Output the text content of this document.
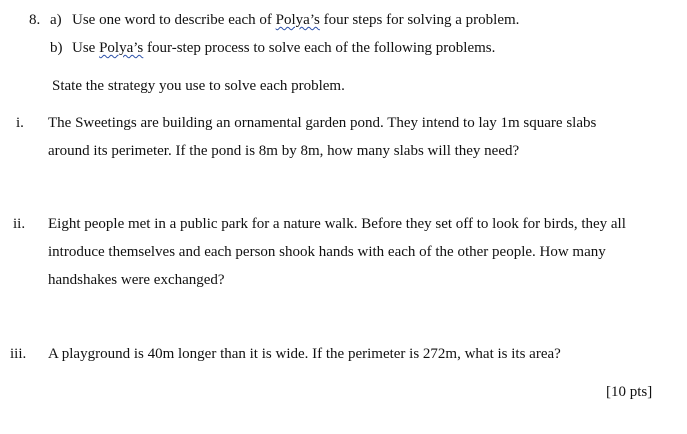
8. a) Use one word to describe each of Polya’s four steps for solving a problem.
b) Use Polya’s four-step process to solve each of the following problems.
State the strategy you use to solve each problem.
i. The Sweetings are building an ornamental garden pond. They intend to lay 1m square slabs
around its perimeter. If the pond is 8m by 8m, how many slabs will they need?
ii. Eight people met in a public park for a nature walk. Before they set off to look for birds, they all
introduce themselves and each person shook hands with each of the other people. How many
handshakes were exchanged?
iii. A playground is 40m longer than it is wide. If the perimeter is 272m, what is its area?
[10 pts]
